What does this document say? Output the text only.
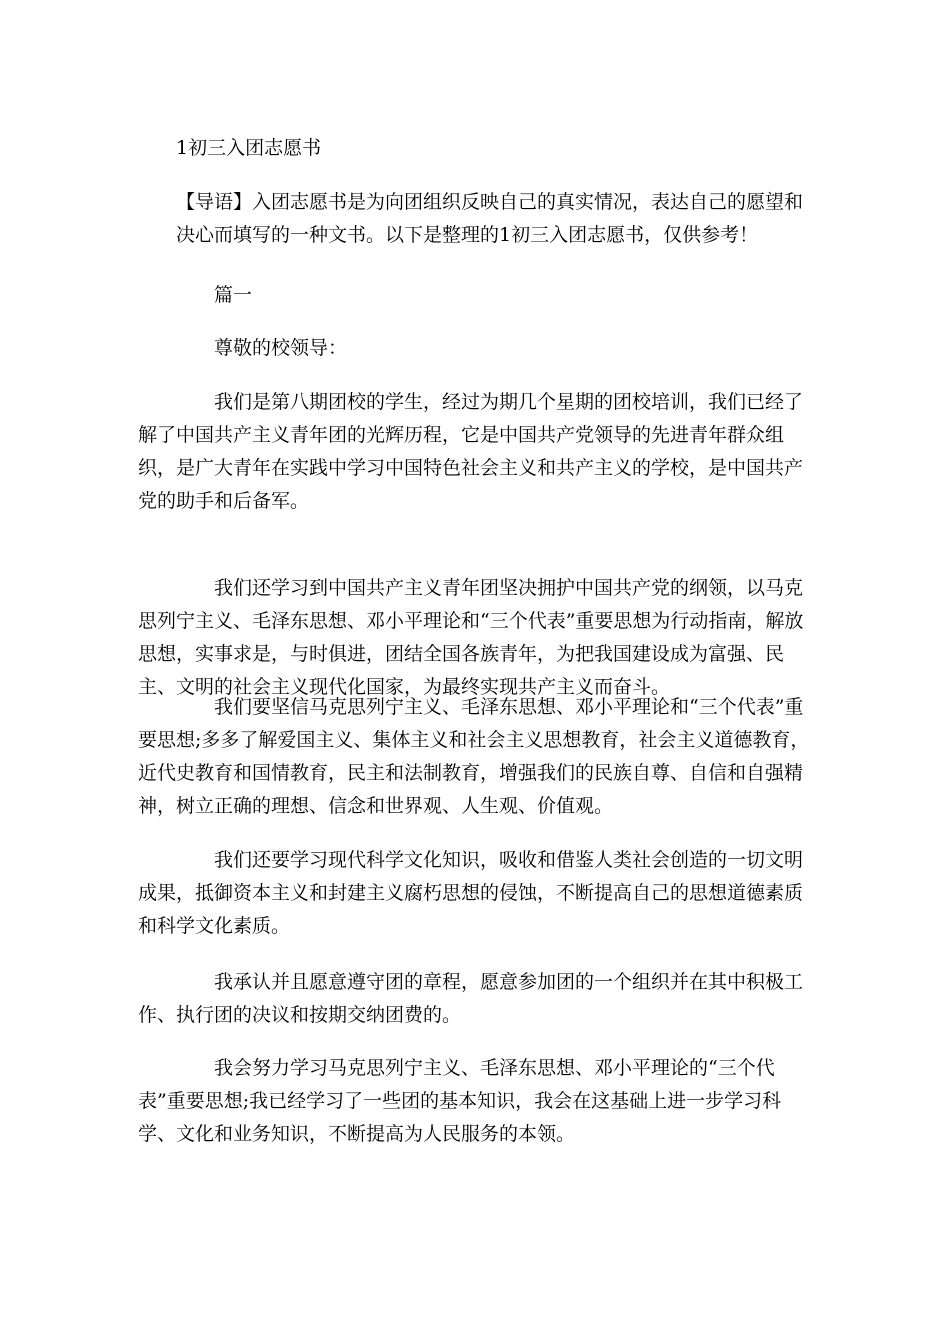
1初三入团志愿书
【导语】入团志愿书是为向团组织反映自己的真实情况，表达自己的愿望和决心而填写的一种文书。以下是整理的1初三入团志愿书，仅供参考！
篇一
尊敬的校领导：

我们是第八期团校的学生，经过为期几个星期的团校培训，我们已经了解了中国共产主义青年团的光辉历程，它是中国共产党领导的先进青年群众组织，是广大青年在实践中学习中国特色社会主义和共产主义的学校，是中国共产党的助手和后备军。

我们还学习到中国共产主义青年团坚决拥护中国共产党的纲领，以马克思列宁主义、毛泽东思想、邓小平理论和“三个代表”重要思想为行动指南，解放思想，实事求是，与时俱进，团结全国各族青年，为把我国建设成为富强、民主、文明的社会主义现代化国家，为最终实现共产主义而奋斗。

我们要坚信马克思列宁主义、毛泽东思想、邓小平理论和“三个代表”重要思想;多多了解爱国主义、集体主义和社会主义思想教育，社会主义道德教育，近代史教育和国情教育，民主和法制教育，增强我们的民族自尊、自信和自强精神，树立正确的理想、信念和世界观、人生观、价值观。

我们还要学习现代科学文化知识，吸收和借鉴人类社会创造的一切文明成果，抵御资本主义和封建主义腐朽思想的侵蚀，不断提高自己的思想道德素质和科学文化素质。

我承认并且愿意遵守团的章程，愿意参加团的一个组织并在其中积极工作、执行团的决议和按期交纳团费的。

我会努力学习马克思列宁主义、毛泽东思想、邓小平理论的“三个代表”重要思想;我已经学习了一些团的基本知识，我会在这基础上进一步学习科学、文化和业务知识，不断提高为人民服务的本领。
